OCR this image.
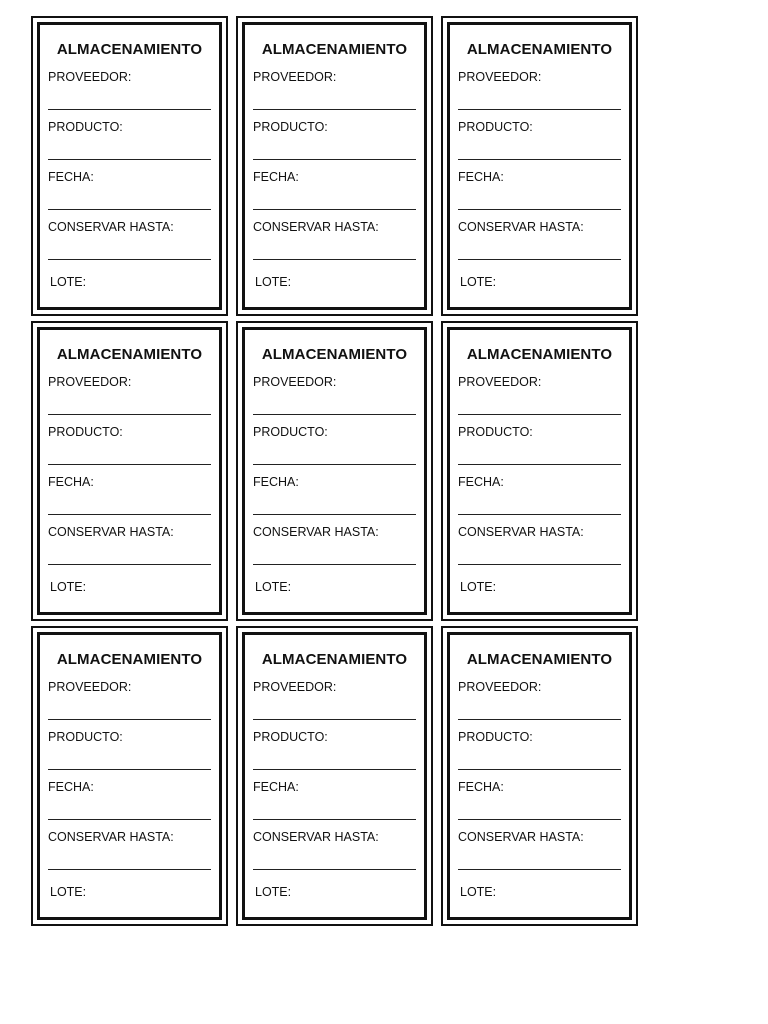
ALMACENAMIENTO
PROVEEDOR:
PRODUCTO:
FECHA:
CONSERVAR HASTA:
LOTE:
ALMACENAMIENTO
PROVEEDOR:
PRODUCTO:
FECHA:
CONSERVAR HASTA:
LOTE:
ALMACENAMIENTO
PROVEEDOR:
PRODUCTO:
FECHA:
CONSERVAR HASTA:
LOTE:
ALMACENAMIENTO
PROVEEDOR:
PRODUCTO:
FECHA:
CONSERVAR HASTA:
LOTE:
ALMACENAMIENTO
PROVEEDOR:
PRODUCTO:
FECHA:
CONSERVAR HASTA:
LOTE:
ALMACENAMIENTO
PROVEEDOR:
PRODUCTO:
FECHA:
CONSERVAR HASTA:
LOTE:
ALMACENAMIENTO
PROVEEDOR:
PRODUCTO:
FECHA:
CONSERVAR HASTA:
LOTE:
ALMACENAMIENTO
PROVEEDOR:
PRODUCTO:
FECHA:
CONSERVAR HASTA:
LOTE:
ALMACENAMIENTO
PROVEEDOR:
PRODUCTO:
FECHA:
CONSERVAR HASTA:
LOTE:
